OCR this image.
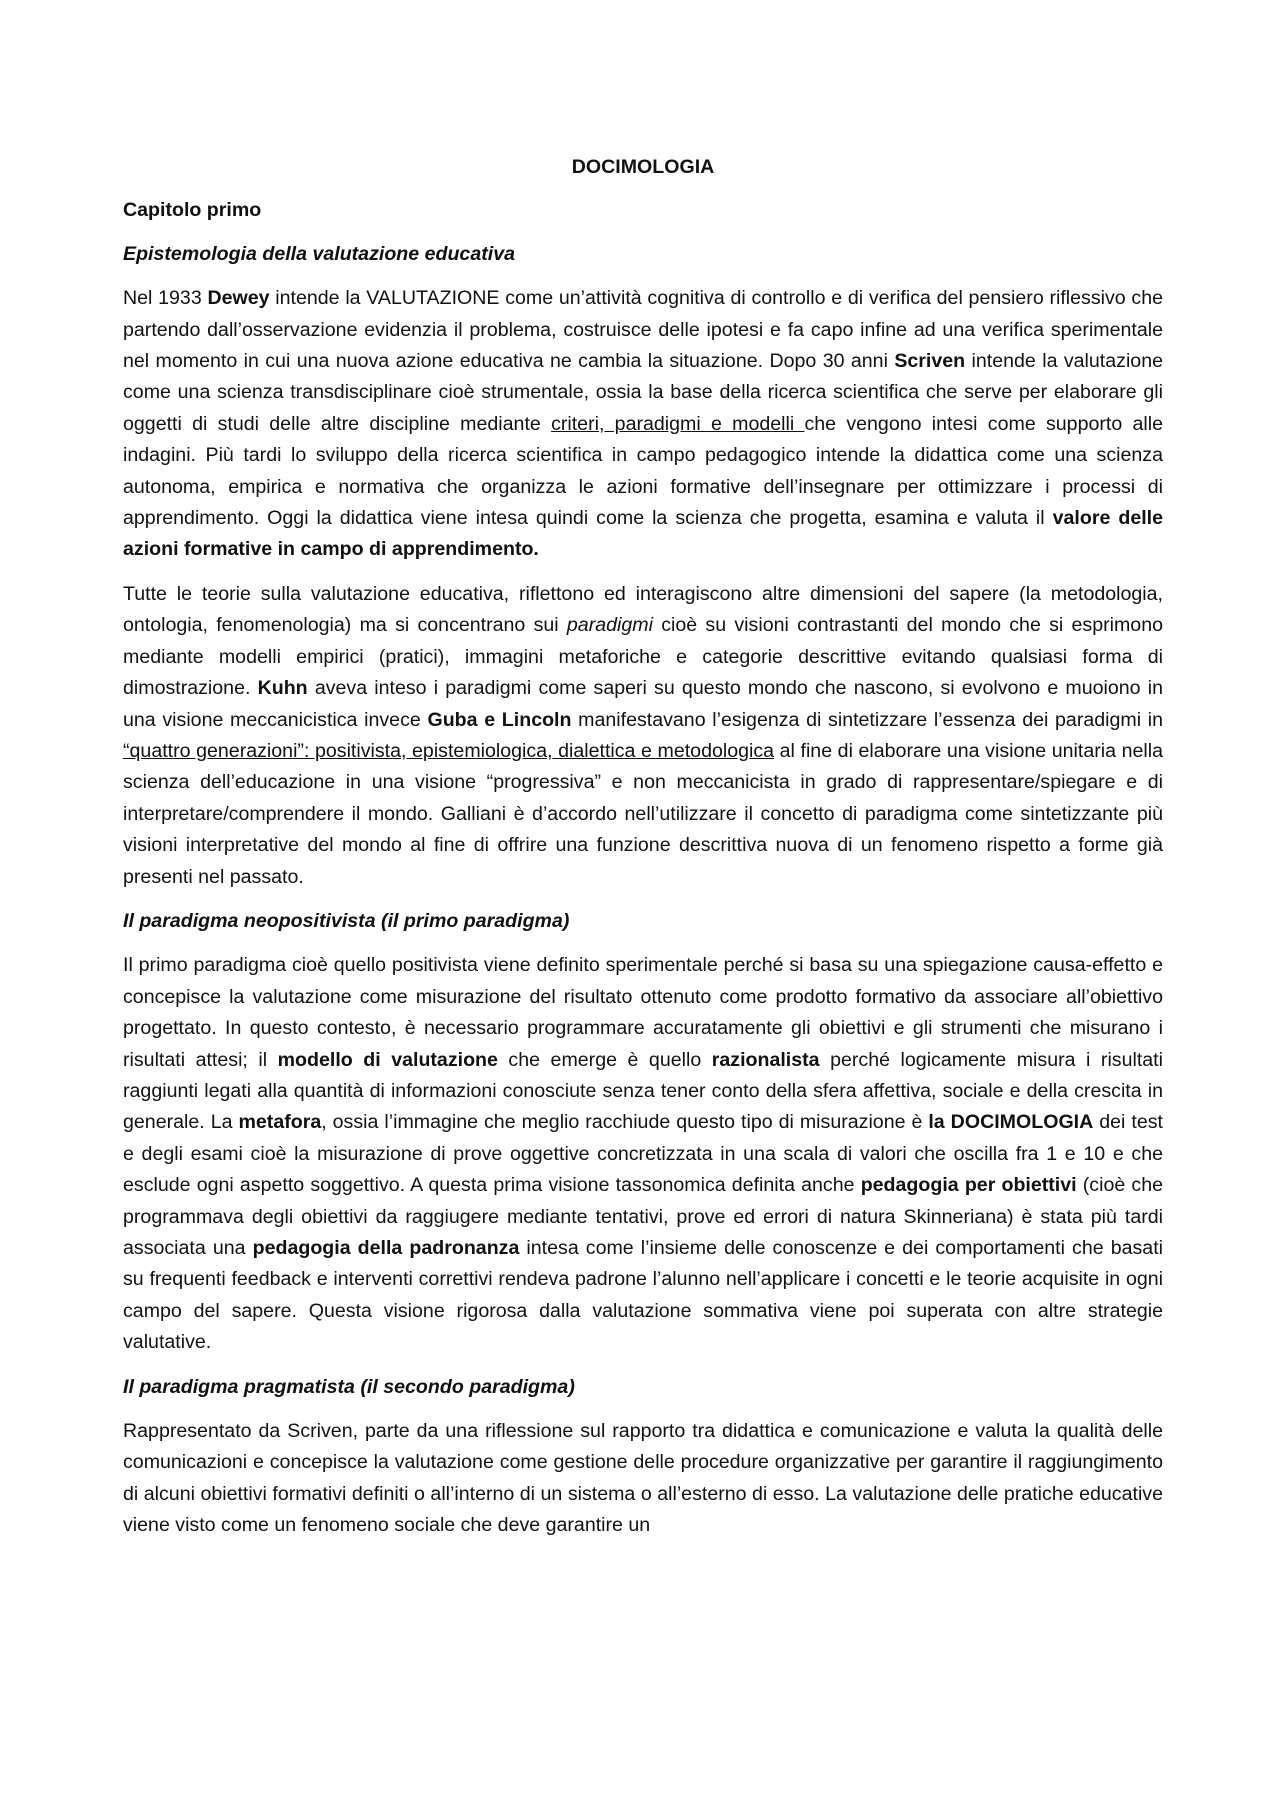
DOCIMOLOGIA
Capitolo primo
Epistemologia della valutazione educativa

Nel 1933 Dewey intende la VALUTAZIONE come un’attività cognitiva di controllo e di verifica del pensiero riflessivo che partendo dall’osservazione evidenzia il problema, costruisce delle ipotesi e fa capo infine ad una verifica sperimentale nel momento in cui una nuova azione educativa ne cambia la situazione. Dopo 30 anni Scriven intende la valutazione come una scienza transdisciplinare cioè strumentale, ossia la base della ricerca scientifica che serve per elaborare gli oggetti di studi delle altre discipline mediante criteri, paradigmi e modelli che vengono intesi come supporto alle indagini. Più tardi lo sviluppo della ricerca scientifica in campo pedagogico intende la didattica come una scienza autonoma, empirica e normativa che organizza le azioni formative dell’insegnare per ottimizzare i processi di apprendimento. Oggi la didattica viene intesa quindi come la scienza che progetta, esamina e valuta il valore delle azioni formative in campo di apprendimento.

Tutte le teorie sulla valutazione educativa, riflettono ed interagiscono altre dimensioni del sapere (la metodologia, ontologia, fenomenologia) ma si concentrano sui paradigmi cioè su visioni contrastanti del mondo che si esprimono mediante modelli empirici (pratici), immagini metaforiche e categorie descrittive evitando qualsiasi forma di dimostrazione. Kuhn aveva inteso i paradigmi come saperi su questo mondo che nascono, si evolvono e muoiono in una visione meccanicistica invece Guba e Lincoln manifestavano l’esigenza di sintetizzare l’essenza dei paradigmi in “quattro generazioni”: positivista, epistemiologica, dialettica e metodologica al fine di elaborare una visione unitaria nella scienza dell’educazione in una visione “progressiva” e non meccanicista in grado di rappresentare/spiegare e di interpretare/comprendere il mondo. Galliani è d’accordo nell’utilizzare il concetto di paradigma come sintetizzante più visioni interpretative del mondo al fine di offrire una funzione descrittiva nuova di un fenomeno rispetto a forme già presenti nel passato.

Il paradigma neopositivista (il primo paradigma)

Il primo paradigma cioè quello positivista viene definito sperimentale perché si basa su una spiegazione causa-effetto e concepisce la valutazione come misurazione del risultato ottenuto come prodotto formativo da associare all’obiettivo progettato. In questo contesto, è necessario programmare accuratamente gli obiettivi e gli strumenti che misurano i risultati attesi; il modello di valutazione che emerge è quello razionalista perché logicamente misura i risultati raggiunti legati alla quantità di informazioni conosciute senza tener conto della sfera affettiva, sociale e della crescita in generale. La metafora, ossia l’immagine che meglio racchiude questo tipo di misurazione è la DOCIMOLOGIA dei test e degli esami cioè la misurazione di prove oggettive concretizzata in una scala di valori che oscilla fra 1 e 10 e che esclude ogni aspetto soggettivo. A questa prima visione tassonomica definita anche pedagogia per obiettivi (cioè che programmava degli obiettivi da raggiugere mediante tentativi, prove ed errori di natura Skinneriana) è stata più tardi associata una pedagogia della padronanza intesa come l’insieme delle conoscenze e dei comportamenti che basati su frequenti feedback e interventi correttivi rendeva padrone l’alunno nell’applicare i concetti e le teorie acquisite in ogni campo del sapere. Questa visione rigorosa dalla valutazione sommativa viene poi superata con altre strategie valutative.

Il paradigma pragmatista (il secondo paradigma)

Rappresentato da Scriven, parte da una riflessione sul rapporto tra didattica e comunicazione e valuta la qualità delle comunicazioni e concepisce la valutazione come gestione delle procedure organizzative per garantire il raggiungimento di alcuni obiettivi formativi definiti o all’interno di un sistema o all’esterno di esso. La valutazione delle pratiche educative viene visto come un fenomeno sociale che deve garantire un
